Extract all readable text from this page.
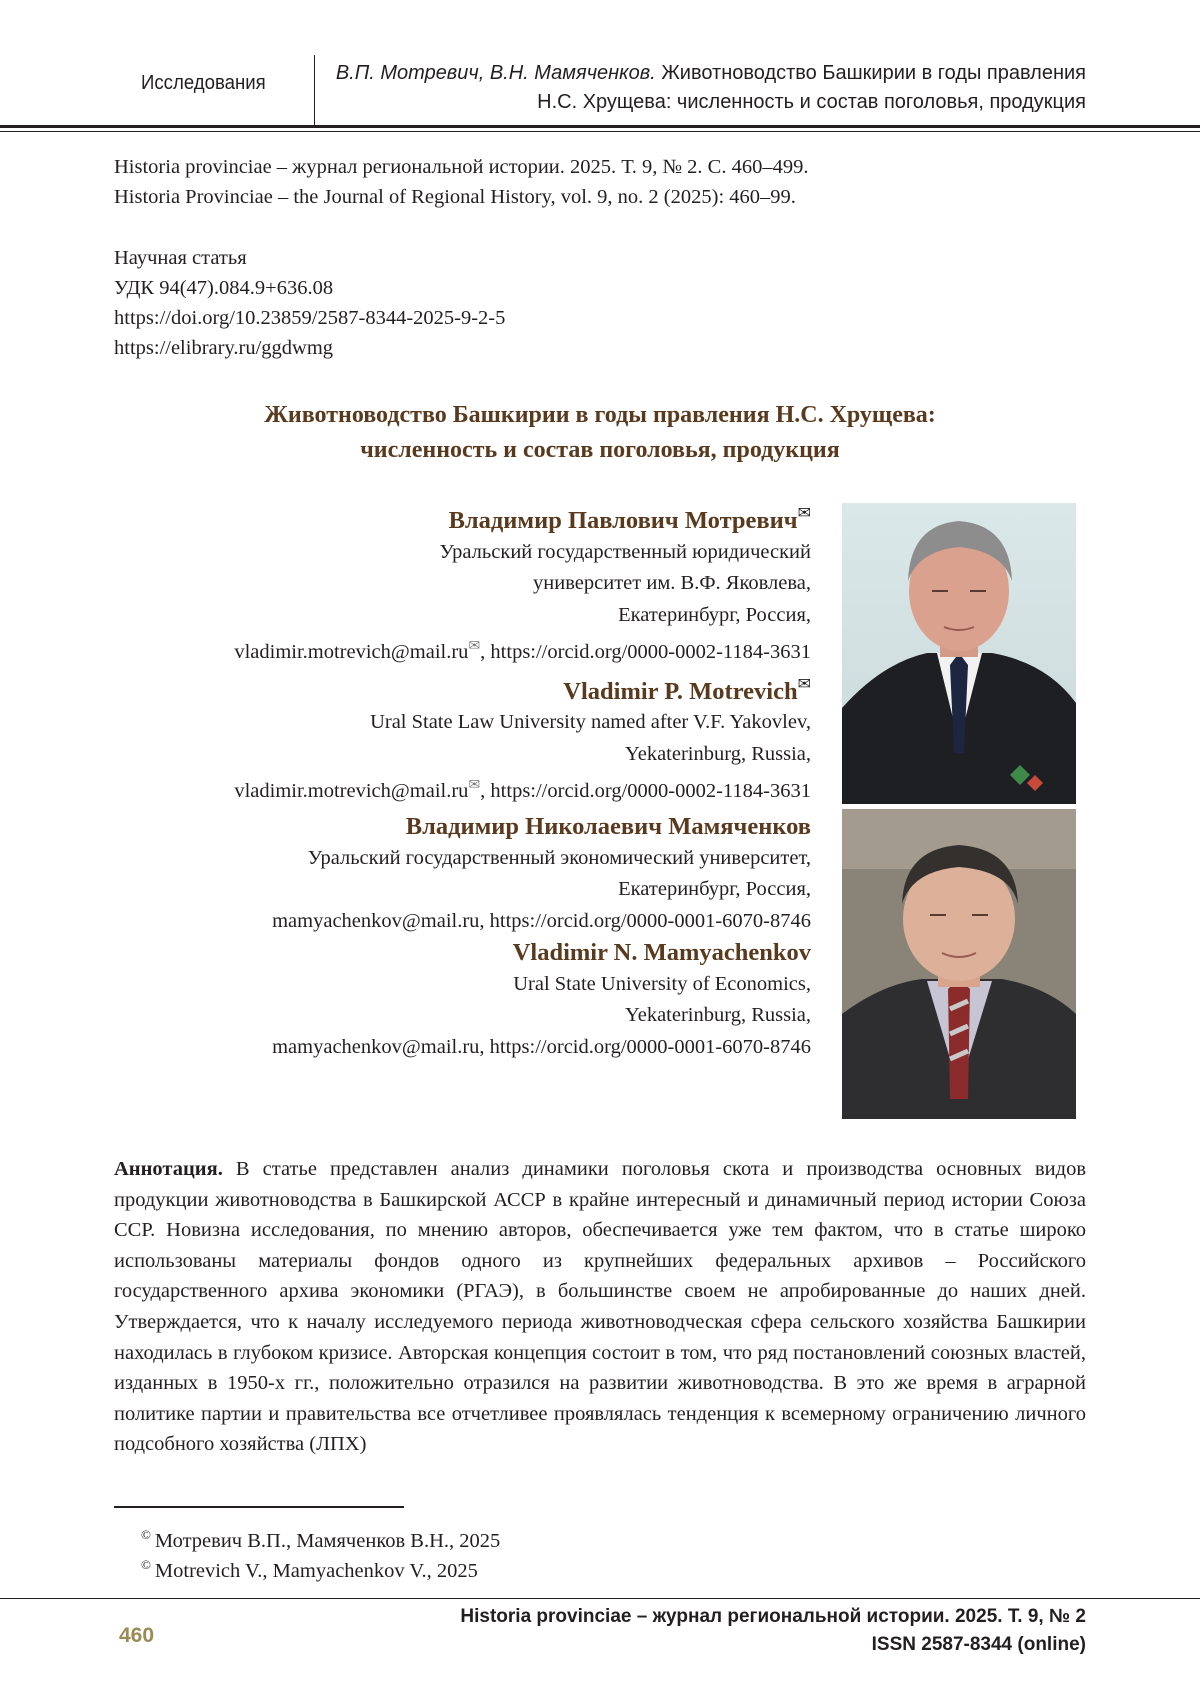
Исследования	В.П. Мотревич, В.Н. Мамяченков. Животноводство Башкирии в годы правления
Н.С. Хрущева: численность и состав поголовья, продукция
Historia provinciae – журнал региональной истории. 2025. Т. 9, № 2. С. 460–499.
Historia Provinciae – the Journal of Regional History, vol. 9, no. 2 (2025): 460–99.
Научная статья
УДК 94(47).084.9+636.08
https://doi.org/10.23859/2587-8344-2025-9-2-5
https://elibrary.ru/ggdwmg
Животноводство Башкирии в годы правления Н.С. Хрущева:
численность и состав поголовья, продукция
Владимир Павлович Мотревич✉
Уральский государственный юридический
университет им. В.Ф. Яковлева,
Екатеринбург, Россия,
vladimir.motrevich@mail.ru✉, https://orcid.org/0000-0002-1184-3631
Vladimir P. Motrevich✉
Ural State Law University named after V.F. Yakovlev,
Yekaterinburg, Russia,
vladimir.motrevich@mail.ru✉, https://orcid.org/0000-0002-1184-3631
Владимир Николаевич Мамяченков
Уральский государственный экономический университет,
Екатеринбург, Россия,
mamyachenkov@mail.ru, https://orcid.org/0000-0001-6070-8746
Vladimir N. Mamyachenkov
Ural State University of Economics,
Yekaterinburg, Russia,
mamyachenkov@mail.ru, https://orcid.org/0000-0001-6070-8746
Аннотация. В статье представлен анализ динамики поголовья скота и производства основных видов продукции животноводства в Башкирской АССР в крайне интересный и динамичный период истории Союза ССР. Новизна исследования, по мнению авторов, обеспечивается уже тем фактом, что в статье широко использованы материалы фондов одного из крупнейших федеральных архивов – Российского государственного архива экономики (РГАЭ), в большинстве своем не апробированные до наших дней. Утверждается, что к началу исследуемого периода животноводческая сфера сельского хозяйства Башкирии находилась в глубоком кризисе. Авторская концепция состоит в том, что ряд постановлений союзных властей, изданных в 1950-х гг., положительно отразился на развитии животноводства. В это же время в аграрной политике партии и правительства все отчетливее проявлялась тенденция к всемерному ограничению личного подсобного хозяйства (ЛПХ)
© Мотревич В.П., Мамяченков В.Н., 2025
© Motrevich V., Mamyachenkov V., 2025
Historia provinciae – журнал региональной истории. 2025. Т. 9, № 2
ISSN 2587-8344 (online)
460
